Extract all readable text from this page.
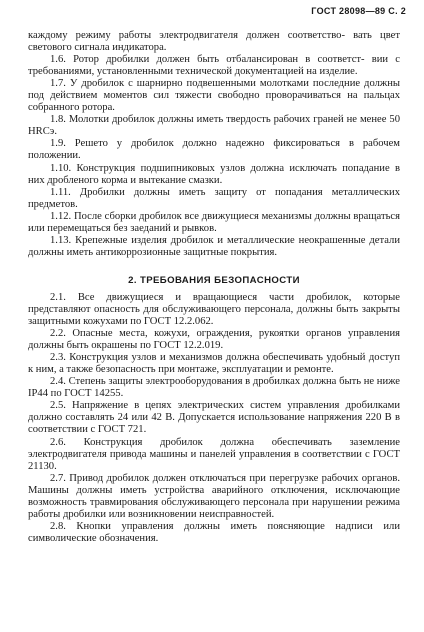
ГОСТ 28098—89 С. 2

каждому режиму работы электродвигателя должен соответство- вать цвет светового сигнала индикатора.

1.6. Ротор дробилки должен быть отбалансирован в соответст- вии с требованиями, установленными технической документацией на изделие.

1.7. У дробилок с шарнирно подвешенными молотками последние должны под действием моментов сил тяжести свободно проворачиваться на пальцах собранного ротора.

1.8. Молотки дробилок должны иметь твердость рабочих граней не менее 50 HRCэ.

1.9. Решето у дробилок должно надежно фиксироваться в рабочем положении.

1.10. Конструкция подшипниковых узлов должна исключать попадание в них дробленого корма и вытекание смазки.

1.11. Дробилки должны иметь защиту от попадания металлических предметов.

1.12. После сборки дробилок все движущиеся механизмы должны вращаться или перемещаться без заеданий и рывков.

1.13. Крепежные изделия дробилок и металлические неокрашенные детали должны иметь антикоррозионные защитные покрытия.

2. ТРЕБОВАНИЯ БЕЗОПАСНОСТИ

2.1. Все движущиеся и вращающиеся части дробилок, которые представляют опасность для обслуживающего персонала, должны быть закрыты защитными кожухами по ГОСТ 12.2.062.

2.2. Опасные места, кожухи, ограждения, рукоятки органов управления должны быть окрашены по ГОСТ 12.2.019.

2.3. Конструкция узлов и механизмов должна обеспечивать удобный доступ к ним, а также безопасность при монтаже, эксплуатации и ремонте.

2.4. Степень защиты электрооборудования в дробилках должна быть не ниже IP44 по ГОСТ 14255.

2.5. Напряжение в цепях электрических систем управления дробилками должно составлять 24 или 42 В. Допускается использование напряжения 220 В в соответствии с ГОСТ 721.

2.6. Конструкция дробилок должна обеспечивать заземление электродвигателя привода машины и панелей управления в соответствии с ГОСТ 21130.

2.7. Привод дробилок должен отключаться при перегрузке рабочих органов. Машины должны иметь устройства аварийного отключения, исключающие возможность травмирования обслуживающего персонала при нарушении режима работы дробилки или возникновении неисправностей.

2.8. Кнопки управления должны иметь поясняющие надписи или символические обозначения.
